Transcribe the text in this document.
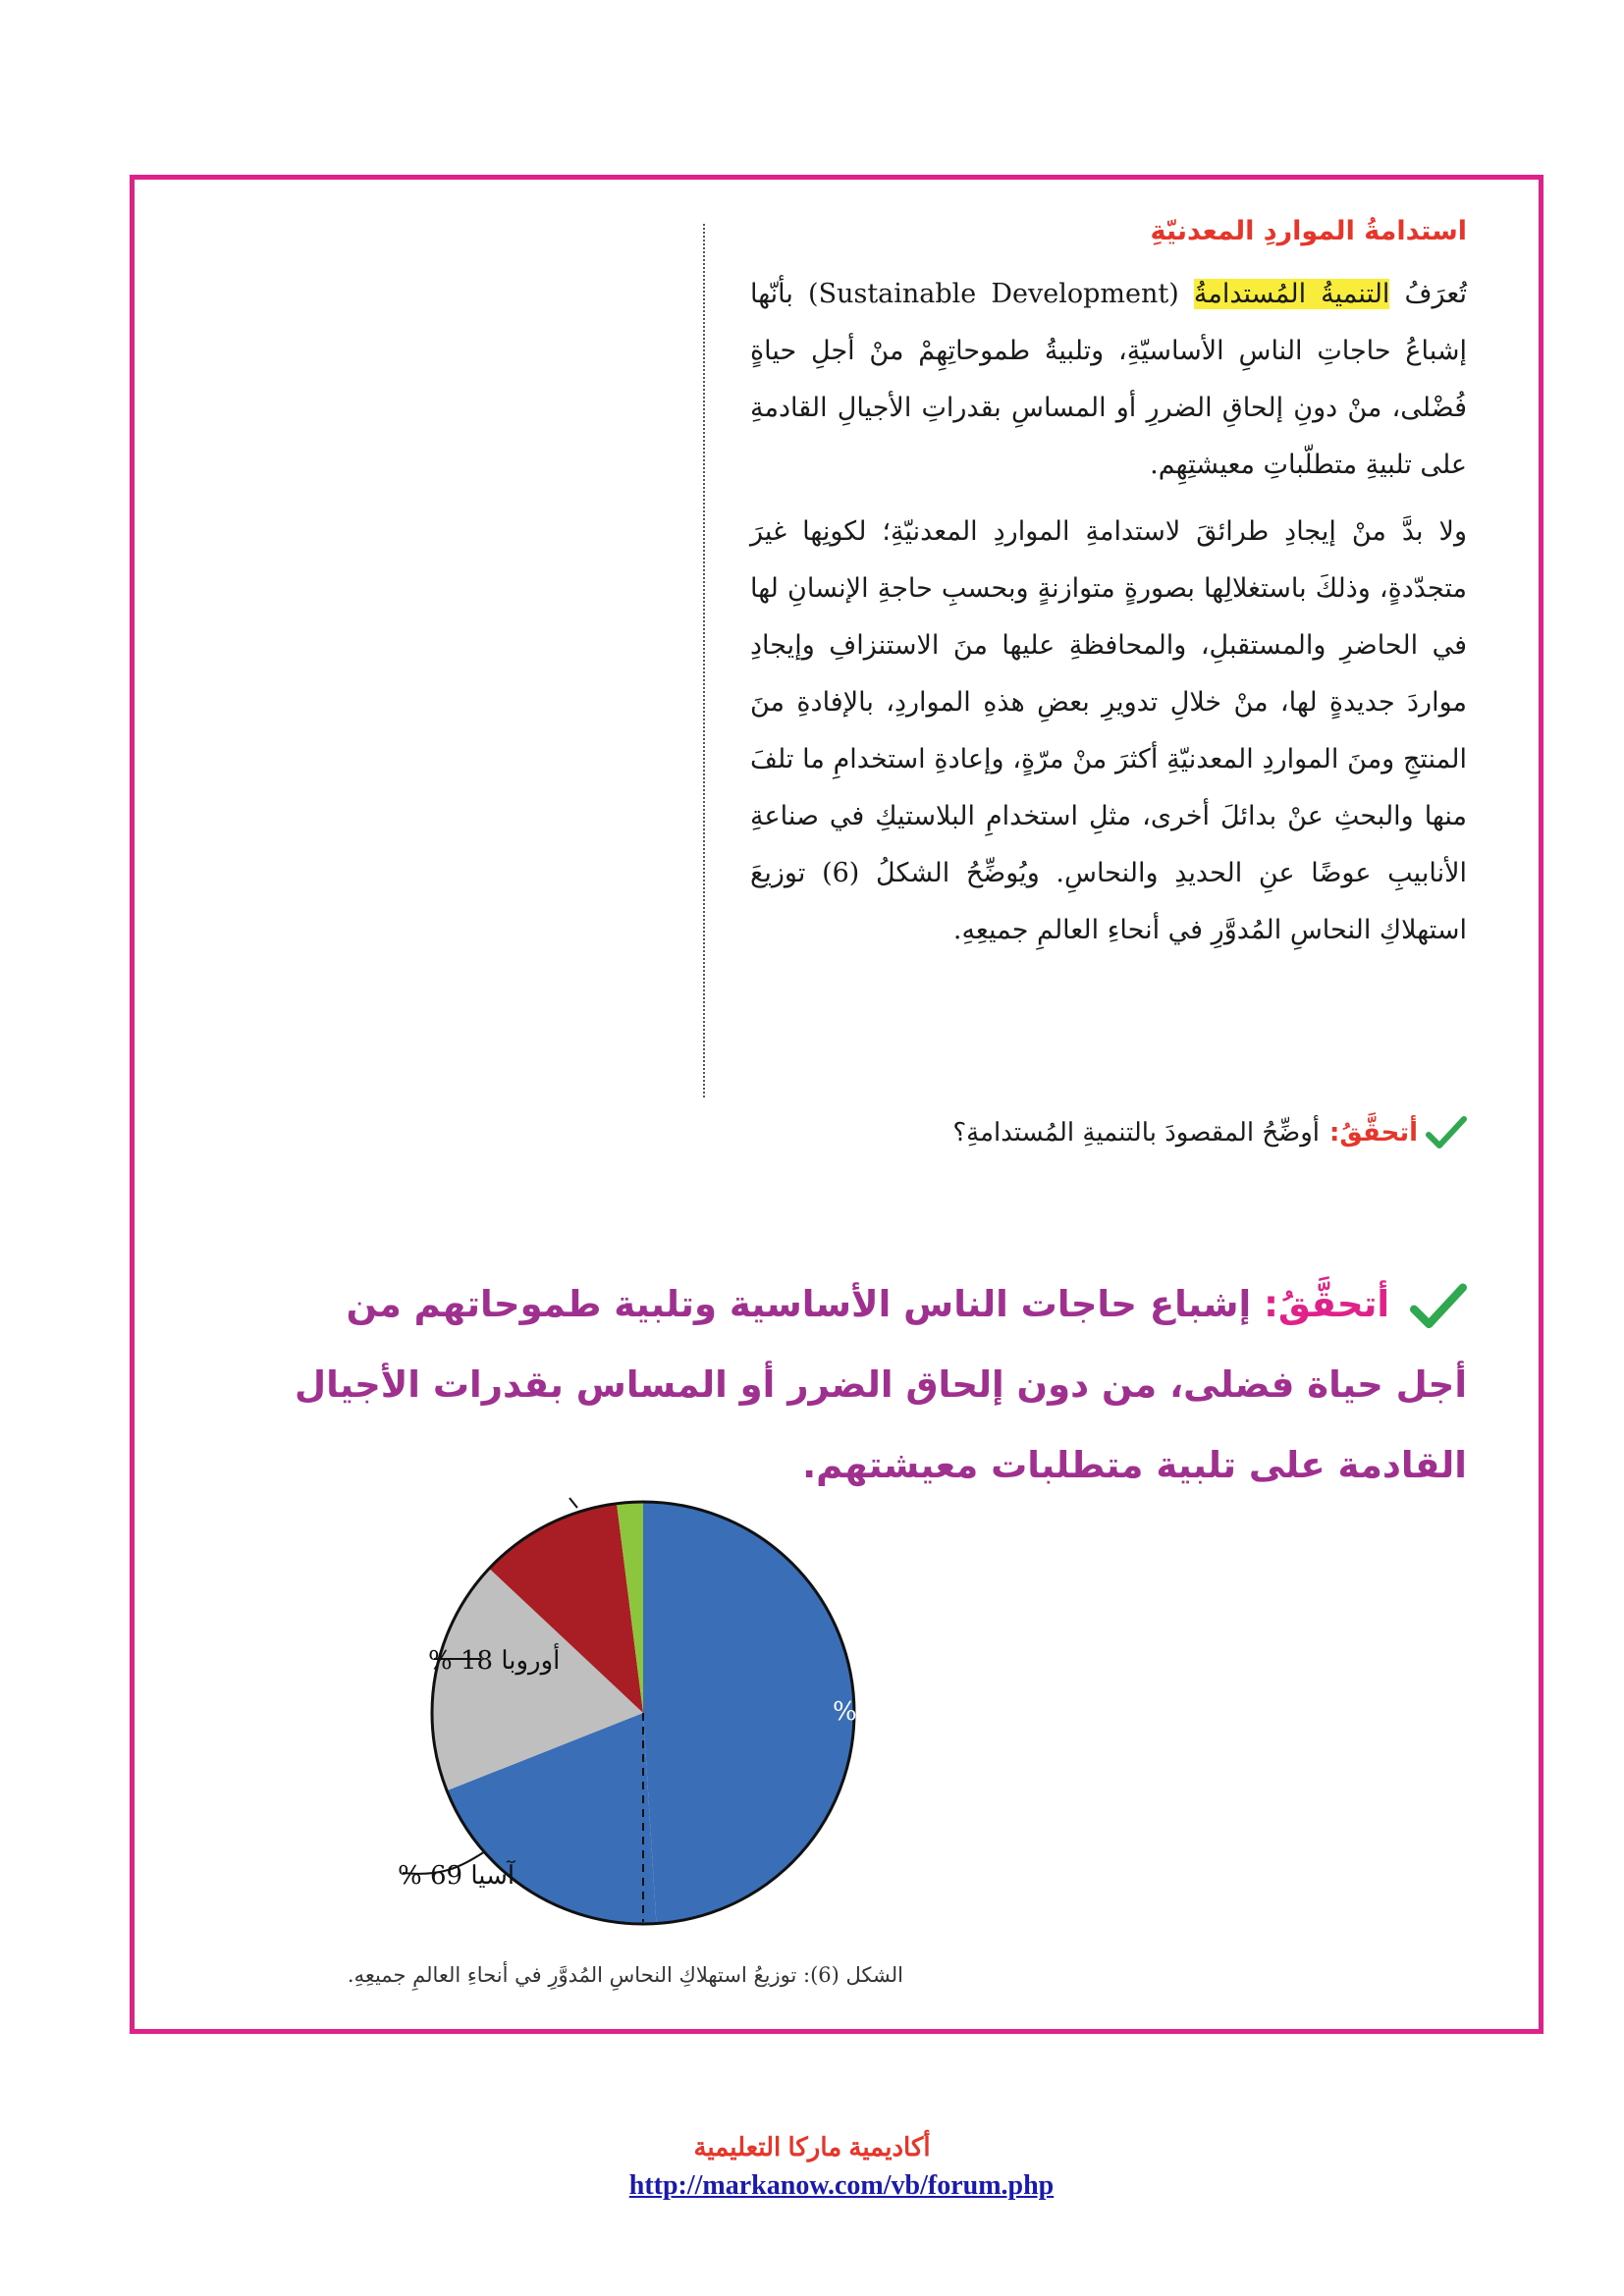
استدامةُ المواردِ المعدنيّةِ

تُعرَفُ التنميةُ المُستدامةُ (Sustainable Development) بأنّها إشباعُ حاجاتِ الناسِ الأساسيّةِ، وتلبيةُ طموحاتِهِمْ منْ أجلِ حياةٍ فُضْلى، منْ دونِ إلحاقِ الضررِ أو المساسِ بقدراتِ الأجيالِ القادمةِ على تلبيةِ متطلّباتِ معيشتِهِم.

ولا بدَّ منْ إيجادِ طرائقَ لاستدامةِ المواردِ المعدنيّةِ؛ لكونِها غيرَ متجدّدةٍ، وذلكَ باستغلالِها بصورةٍ متوازنةٍ وبحسبِ حاجةِ الإنسانِ لها في الحاضرِ والمستقبلِ، والمحافظةِ عليها منَ الاستنزافِ وإيجادِ مواردَ جديدةٍ لها، منْ خلالِ تدويرِ بعضِ هذهِ المواردِ، بالإفادةِ منَ المنتجِ ومنَ المواردِ المعدنيّةِ أكثرَ منْ مرّةٍ، وإعادةِ استخدامِ ما تلفَ منها والبحثِ عنْ بدائلَ أخرى، مثلِ استخدامِ البلاستيكِ في صناعةِ الأنابيبِ عوضًا عنِ الحديدِ والنحاسِ. ويُوضِّحُ الشكلُ (6) توزيعَ استهلاكِ النحاسِ المُدوَّرِ في أنحاءِ العالمِ جميعِهِ.

أتحقَّقُ:
أوضِّحُ المقصودَ بالتنميةِ المُستدامةِ؟
أتحقَّقُ: إشباع حاجات الناس الأساسية وتلبية طموحاتهم من أجل حياة فضلى، من دون إلحاق الضرر أو المساس بقدرات الأجيال القادمة على تلبية متطلبات معيشتهم.
أوروبا 18 %
آسيا 69 %
الصّينُ 49 %
الشكل (6): توزيعُ استهلاكِ النحاسِ المُدوَّرِ في أنحاءِ العالمِ جميعِهِ.
أكاديمية ماركا التعليمية
http://markanow.com/vb/forum.php
